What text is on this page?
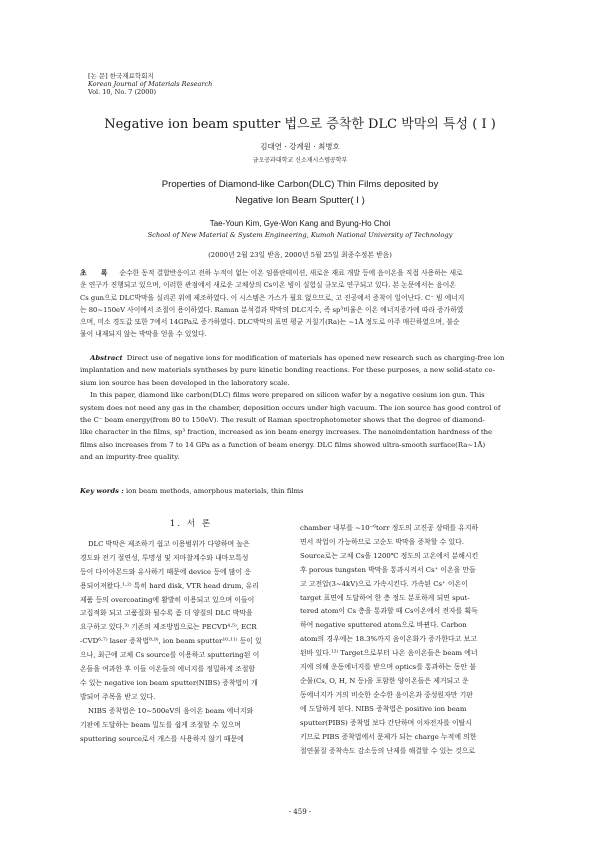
[논 문] 한국재료학회지
Korean Journal of Materials Research
Vol. 10, No. 7 (2000)
Negative ion beam sputter 법으로 증착한 DLC 박막의 특성 ( I )
김대연 · 강계원 · 최병호
금오공과대학교 신소재시스템공학부
Properties of Diamond-like Carbon(DLC) Thin Films deposited by
Negative Ion Beam Sputter( I )
Tae-Youn Kim, Gye-Won Kang and Byung-Ho Choi
School of New Material & System Engineering, Kumoh National University of Technology
(2000년 2월 23일 받음, 2000년 5월 25일 최종수정본 받음)
초 록 순수한 동적 결합반응이고 전하 누적이 없는 이온 임플란테이션, 새로운 재료 개발 등에 음이온을 직접 사용하는 새로
운 연구가 진행되고 있으며, 이러한 관점에서 새로운 고체상의 Cs이온 빔이 실험실 규모로 연구되고 있다. 본 논문에서는 음이온
Cs gun으로 DLC박막을 실리콘 위에 제조하였다. 이 시스템은 가스가 필요 없으므로, 고 진공에서 증착이 일어난다. C⁻ 빔 에너지
는 80~150eV 사이에서 조절이 용이하였다. Raman 분석결과 박막의 DLC지수, 즉 sp³비율은 이온 에너지증가에 따라 증가하였
으며, 미소 경도값 또한 7에서 14GPa로 증가하였다. DLC박막의 표면 평균 거칠기(Ra)는 ~1Å 정도로 아주 매끈하였으며, 불순
물이 내재되지 않는 박막을 얻을 수 있었다.
Abstract Direct use of negative ions for modification of materials has opened new research such as charging-free ion
implantation and new materials syntheses by pure kinetic bonding reactions. For these purposes, a new solid-state ce-
sium ion source has been developed in the laboratory scale.
In this paper, diamond like carbon(DLC) films were prepared on silicon wafer by a negative cesium ion gun. This
system does not need any gas in the chamber, deposition occurs under high vacuum. The ion source has good control of
the C⁻ beam energy(from 80 to 150eV). The result of Raman spectrophotometer shows that the degree of diamond-
like character in the films, sp³ fraction, increased as ion beam energy increases. The nanoindentation hardness of the
films also increases from 7 to 14 GPa as a function of beam energy. DLC films showed ultra-smooth surface(Ra~1Å)
and an impurity-free quality.
Key words : ion beam methods, amorphous materials, thin films
1. 서 론
DLC 박막은 제조하기 쉽고 이용범위가 다양하며 높은
경도와 전기 절연성, 투명성 및 저마찰계수와 내마모특성
등이 다이아몬드와 유사하기 때문에 device 등에 많이 응
용되어져왔다.¹·²⁾ 특히 hard disk, VTR head drum, 유리
제품 등의 overcoating에 활발히 이용되고 있으며 이들이
고집적화 되고 고품질화 될수록 좀 더 양질의 DLC 박막을
요구하고 있다.³⁾ 기존의 제조방법으로는 PECVD⁴·⁵⁾, ECR
-CVD⁶·⁷⁾ laser 증착법⁸·⁹⁾, ion beam sputter¹⁰·¹¹⁾ 등이 있
으나, 최근에 고체 Cs source를 이용하고 sputtering된 이
온들을 여과한 후 이들 이온들의 에너지를 정밀하게 조절할
수 있는 negative ion beam sputter(NIBS) 증착법이 개
발되어 주목을 받고 있다.
NIBS 증착법은 10~500eV의 음이온 beam 에너지와
기판에 도달하는 beam 밀도를 쉽게 조절할 수 있으며
sputtering source로서 개스를 사용하지 않기 때문에
chamber 내부를 ~10⁻⁶torr 정도의 고진공 상태를 유지하
면서 작업이 가능하므로 고순도 박막을 증착할 수 있다.
Source로는 고체 Cs을 1200℃ 정도의 고온에서 분해시킨
후 porous tungsten 박막을 통과시켜서 Cs⁺ 이온을 만들
고 고전압(3~4kV)으로 가속시킨다. 가속된 Cs⁺ 이온이
target 표면에 도달하여 한 층 정도 분포하게 되면 sput-
tered atom이 Cs 층을 통과할 때 Cs이온에서 전자를 획득
하여 negative sputtered atom으로 바뀐다. Carbon
atom의 경우에는 18.3%까지 음이온화가 증가한다고 보고
된바 있다.¹²⁾ Target으로부터 나온 음이온들은 beam 에너
지에 의해 운동에너지를 받으며 optics를 통과하는 동안 불
순물(Cs, O, H, N 등)을 포함한 양이온들은 제거되고 운
동에너지가 거의 비슷한 순수한 음이온과 중성원자만 기판
에 도달하게 된다. NIBS 증착법은 positive ion beam
sputter(PIBS) 증착법 보다 간단하며 이차전자를 이탈시
키므로 PIBS 증착법에서 문제가 되는 charge 누적에 의한
절연물질 증착속도 감소등의 난제를 해결할 수 있는 것으로
- 459 -
